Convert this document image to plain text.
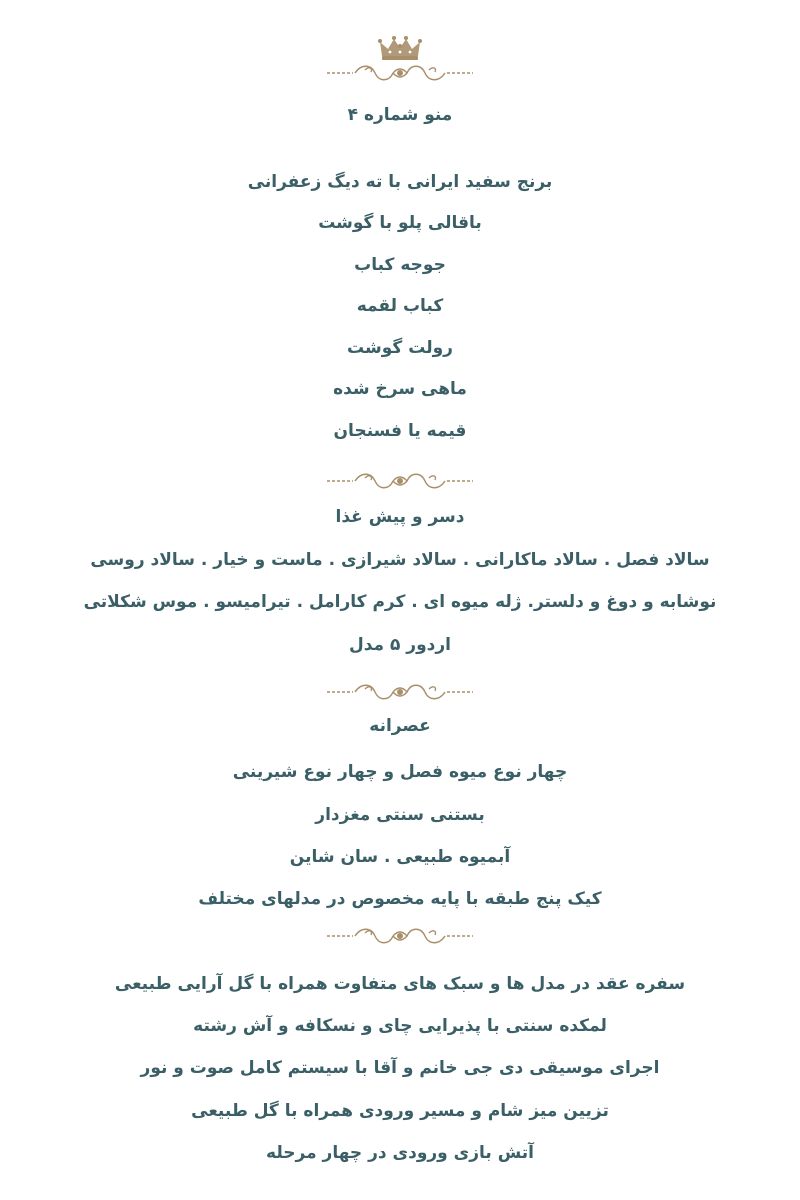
منو شماره ۴
برنج سفید ایرانی با ته دیگ زعفرانی
باقالی پلو با گوشت
جوجه کباب
کباب لقمه
رولت گوشت
ماهی سرخ شده
قیمه یا فسنجان
دسر و پیش غذا
سالاد فصل . سالاد ماکارانی . سالاد شیرازی . ماست و خیار . سالاد روسی
نوشابه و دوغ و دلستر. ژله میوه ای . کرم کارامل . تیرامیسو . موس شکلاتی
اردور ۵ مدل
عصرانه
چهار نوع میوه فصل و چهار نوع شیرینی
بستنی سنتی مغزدار
آبمیوه طبیعی . سان شاین
کیک پنج طبقه با پایه مخصوص در مدلهای مختلف
سفره عقد در مدل ها و سبک های متفاوت همراه با گل آرایی طبیعی
لمکده سنتی با پذیرایی چای و نسکافه و آش رشته
اجرای موسیقی دی جی خانم و آقا با سیستم کامل صوت و نور
تزیین میز شام و مسیر ورودی همراه با گل طبیعی
آتش بازی ورودی در چهار مرحله
